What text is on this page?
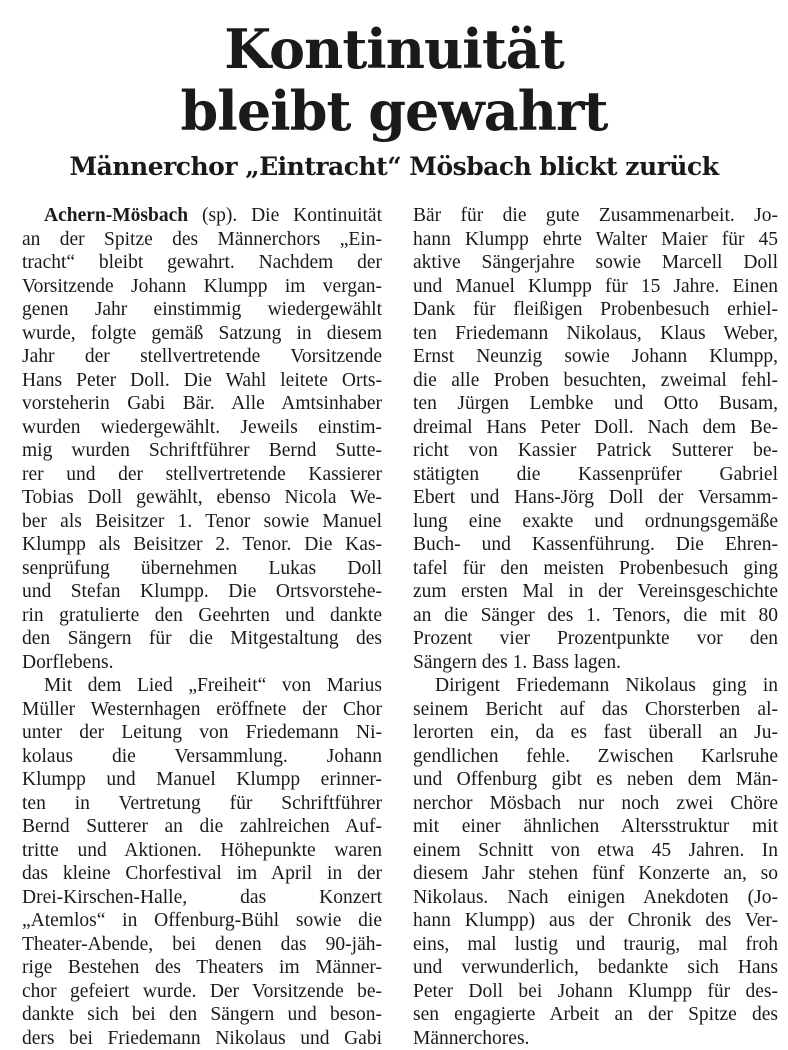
Kontinuität
bleibt gewahrt
Männerchor „Eintracht“ Mösbach blickt zurück
Achern-Mösbach (sp). Die Kontinuität
an der Spitze des Männerchors „Ein-
tracht“ bleibt gewahrt. Nachdem der
Vorsitzende Johann Klumpp im vergan-
genen Jahr einstimmig wiedergewählt
wurde, folgte gemäß Satzung in diesem
Jahr der stellvertretende Vorsitzende
Hans Peter Doll. Die Wahl leitete Orts-
vorsteherin Gabi Bär. Alle Amtsinhaber
wurden wiedergewählt. Jeweils einstim-
mig wurden Schriftführer Bernd Sutte-
rer und der stellvertretende Kassierer
Tobias Doll gewählt, ebenso Nicola We-
ber als Beisitzer 1. Tenor sowie Manuel
Klumpp als Beisitzer 2. Tenor. Die Kas-
senprüfung übernehmen Lukas Doll
und Stefan Klumpp. Die Ortsvorstehe-
rin gratulierte den Geehrten und dankte
den Sängern für die Mitgestaltung des
Dorflebens.
Mit dem Lied „Freiheit“ von Marius
Müller Westernhagen eröffnete der Chor
unter der Leitung von Friedemann Ni-
kolaus die Versammlung. Johann
Klumpp und Manuel Klumpp erinner-
ten in Vertretung für Schriftführer
Bernd Sutterer an die zahlreichen Auf-
tritte und Aktionen. Höhepunkte waren
das kleine Chorfestival im April in der
Drei-Kirschen-Halle, das Konzert
„Atemlos“ in Offenburg-Bühl sowie die
Theater-Abende, bei denen das 90-jäh-
rige Bestehen des Theaters im Männer-
chor gefeiert wurde. Der Vorsitzende be-
dankte sich bei den Sängern und beson-
ders bei Friedemann Nikolaus und Gabi
Bär für die gute Zusammenarbeit. Jo-
hann Klumpp ehrte Walter Maier für 45
aktive Sängerjahre sowie Marcell Doll
und Manuel Klumpp für 15 Jahre. Einen
Dank für fleißigen Probenbesuch erhiel-
ten Friedemann Nikolaus, Klaus Weber,
Ernst Neunzig sowie Johann Klumpp,
die alle Proben besuchten, zweimal fehl-
ten Jürgen Lembke und Otto Busam,
dreimal Hans Peter Doll. Nach dem Be-
richt von Kassier Patrick Sutterer be-
stätigten die Kassenprüfer Gabriel
Ebert und Hans-Jörg Doll der Versamm-
lung eine exakte und ordnungsgemäße
Buch- und Kassenführung. Die Ehren-
tafel für den meisten Probenbesuch ging
zum ersten Mal in der Vereinsgeschichte
an die Sänger des 1. Tenors, die mit 80
Prozent vier Prozentpunkte vor den
Sängern des 1. Bass lagen.
Dirigent Friedemann Nikolaus ging in
seinem Bericht auf das Chorsterben al-
lerorten ein, da es fast überall an Ju-
gendlichen fehle. Zwischen Karlsruhe
und Offenburg gibt es neben dem Män-
nerchor Mösbach nur noch zwei Chöre
mit einer ähnlichen Altersstruktur mit
einem Schnitt von etwa 45 Jahren. In
diesem Jahr stehen fünf Konzerte an, so
Nikolaus. Nach einigen Anekdoten (Jo-
hann Klumpp) aus der Chronik des Ver-
eins, mal lustig und traurig, mal froh
und verwunderlich, bedankte sich Hans
Peter Doll bei Johann Klumpp für des-
sen engagierte Arbeit an der Spitze des
Männerchores.
